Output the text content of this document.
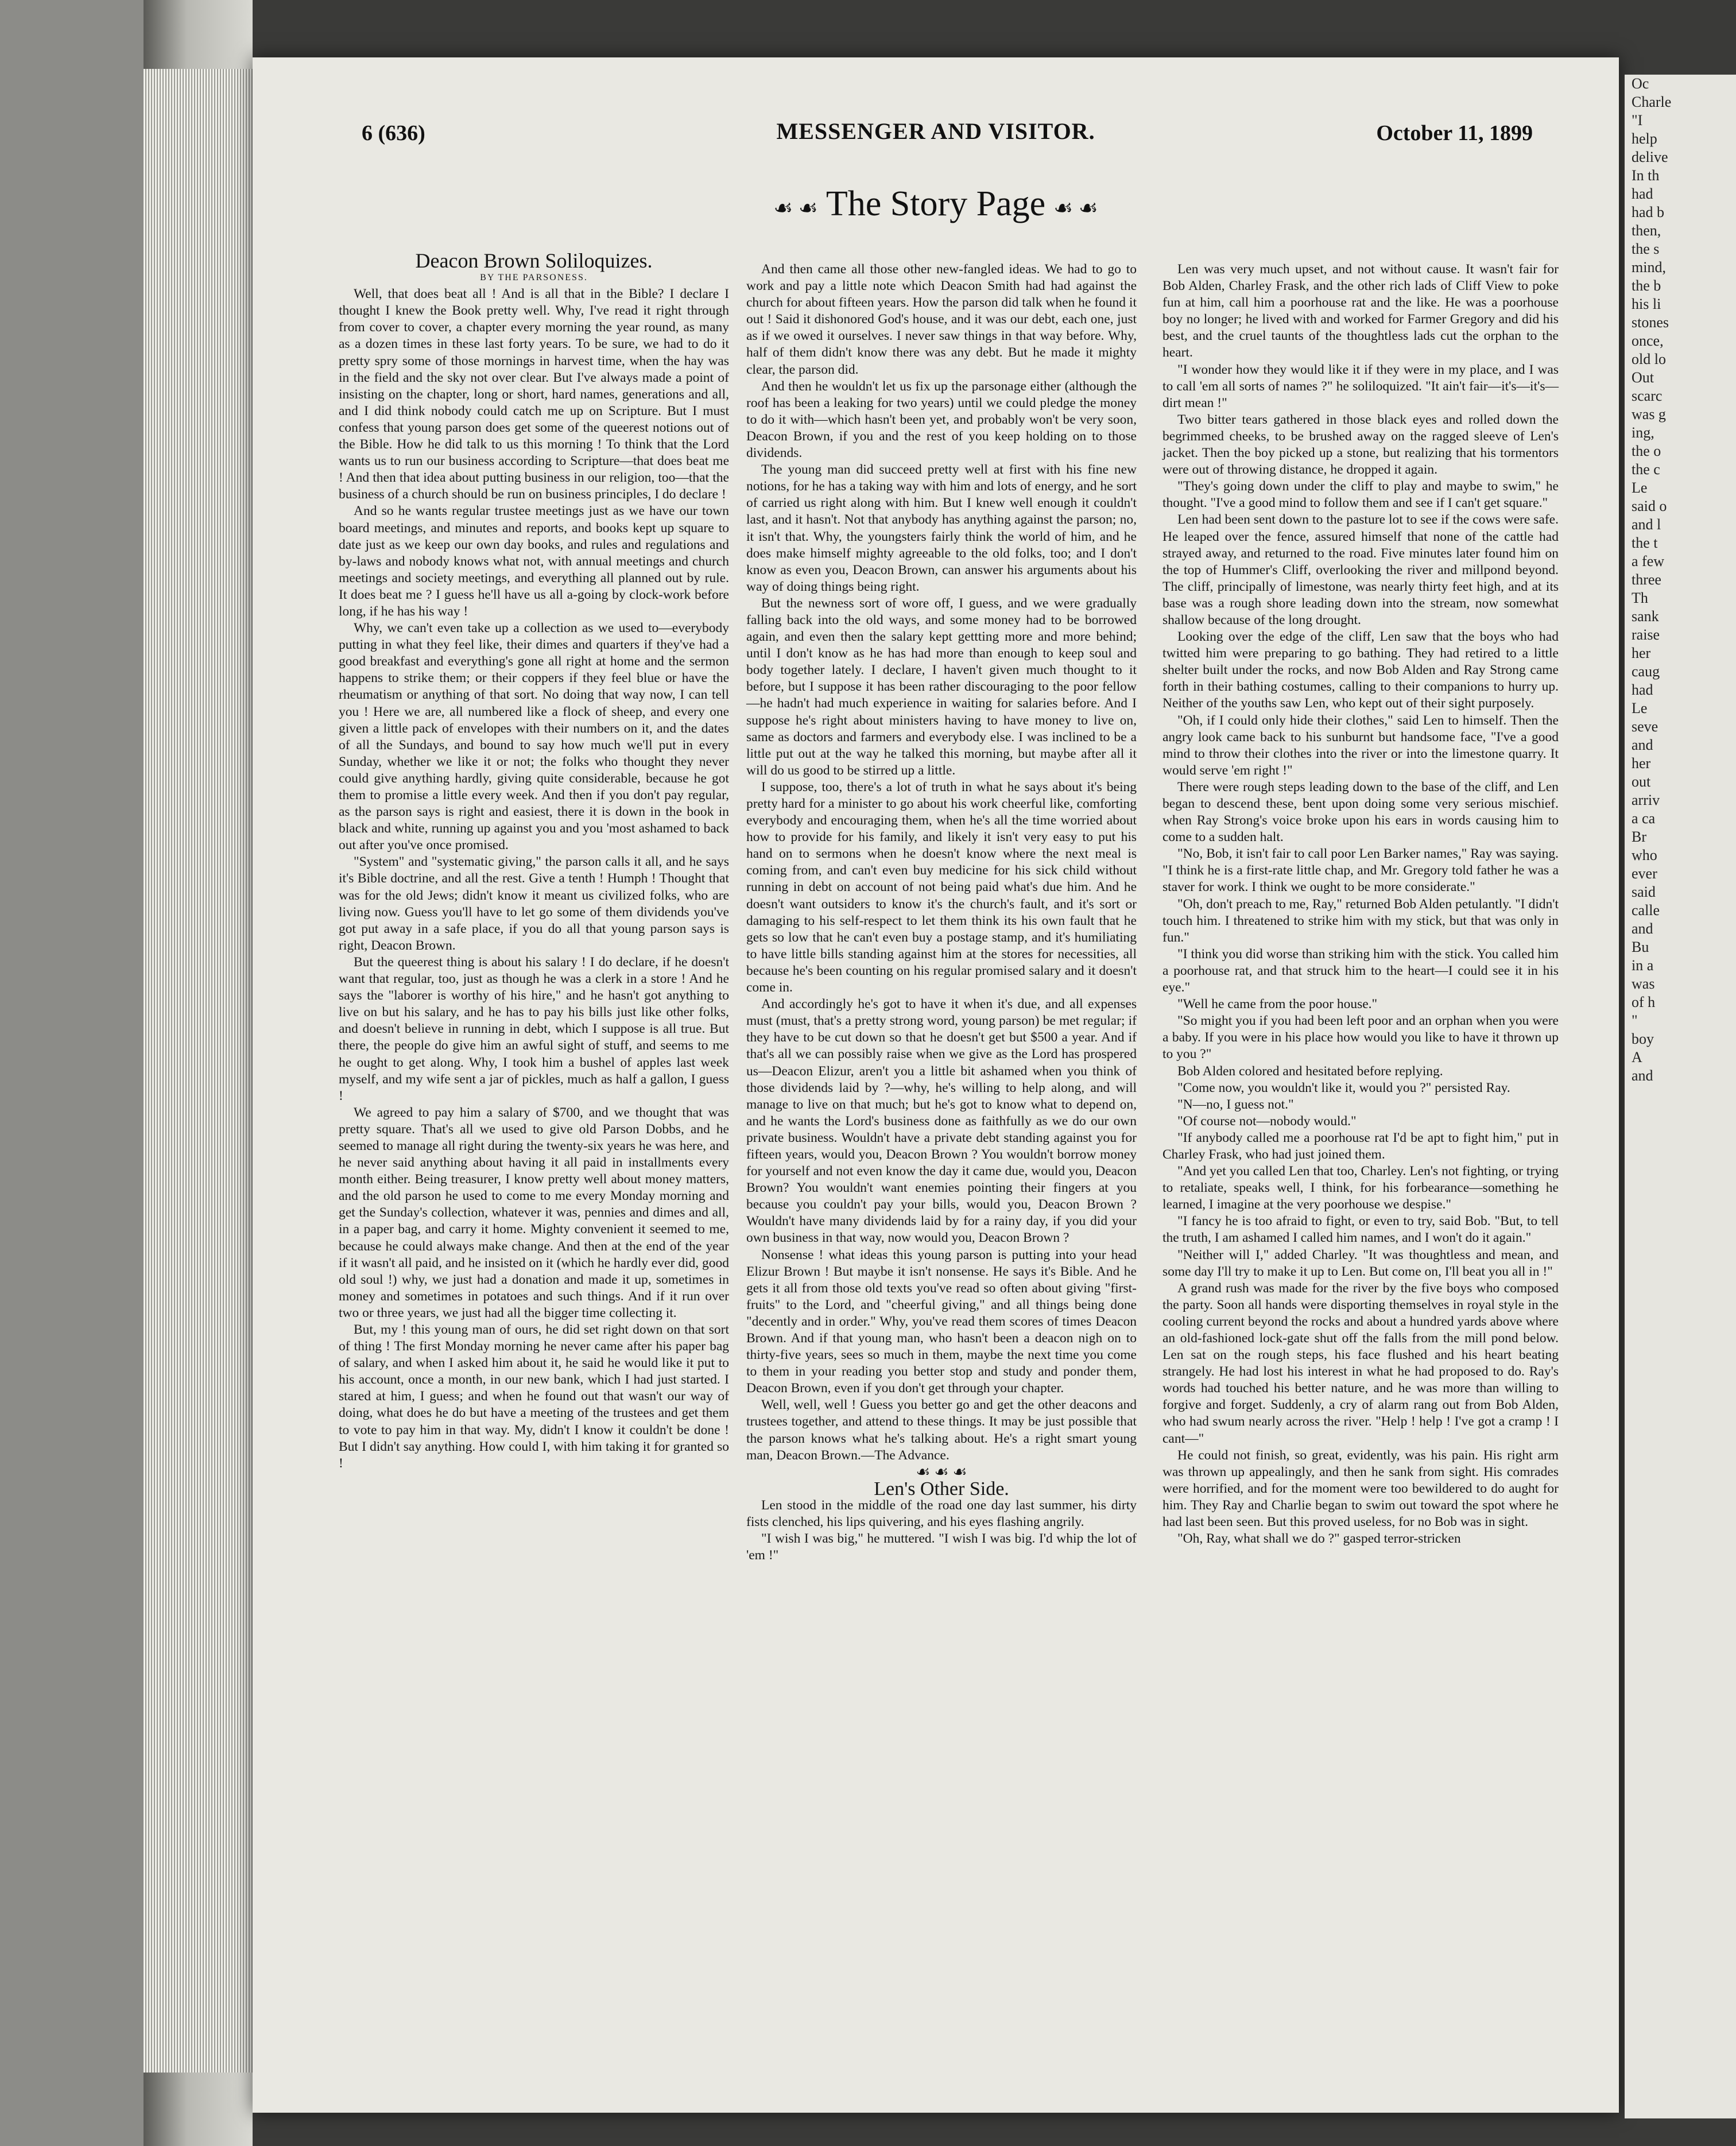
6 (636)	MESSENGER AND VISITOR.	October 11, 1899
☙ ☙ The Story Page ☙ ☙

Deacon Brown Soliloquizes.

BY THE PARSONESS.

Well, that does beat all ! And is all that in the Bible? I declare I thought I knew the Book pretty well. Why, I've read it right through from cover to cover, a chapter every morning the year round, as many as a dozen times in these last forty years. To be sure, we had to do it pretty spry some of those mornings in harvest time, when the hay was in the field and the sky not over clear. But I've always made a point of insisting on the chapter, long or short, hard names, generations and all, and I did think nobody could catch me up on Scripture. But I must confess that young parson does get some of the queerest notions out of the Bible. How he did talk to us this morning ! To think that the Lord wants us to run our business according to Scripture—that does beat me ! And then that idea about putting business in our religion, too—that the business of a church should be run on business principles, I do declare !

And so he wants regular trustee meetings just as we have our town board meetings, and minutes and reports, and books kept up square to date just as we keep our own day books, and rules and regulations and by-laws and nobody knows what not, with annual meetings and church meetings and society meetings, and everything all planned out by rule. It does beat me ? I guess he'll have us all a-going by clock-work before long, if he has his way !

Why, we can't even take up a collection as we used to—everybody putting in what they feel like, their dimes and quarters if they've had a good breakfast and everything's gone all right at home and the sermon happens to strike them; or their coppers if they feel blue or have the rheumatism or anything of that sort. No doing that way now, I can tell you ! Here we are, all numbered like a flock of sheep, and every one given a little pack of envelopes with their numbers on it, and the dates of all the Sundays, and bound to say how much we'll put in every Sunday, whether we like it or not; the folks who thought they never could give anything hardly, giving quite considerable, because he got them to promise a little every week. And then if you don't pay regular, as the parson says is right and easiest, there it is down in the book in black and white, running up against you and you 'most ashamed to back out after you've once promised.

"System" and "systematic giving," the parson calls it all, and he says it's Bible doctrine, and all the rest. Give a tenth ! Humph ! Thought that was for the old Jews; didn't know it meant us civilized folks, who are living now. Guess you'll have to let go some of them dividends you've got put away in a safe place, if you do all that young parson says is right, Deacon Brown.

But the queerest thing is about his salary ! I do declare, if he doesn't want that regular, too, just as though he was a clerk in a store ! And he says the "laborer is worthy of his hire," and he hasn't got anything to live on but his salary, and he has to pay his bills just like other folks, and doesn't believe in running in debt, which I suppose is all true. But there, the people do give him an awful sight of stuff, and seems to me he ought to get along. Why, I took him a bushel of apples last week myself, and my wife sent a jar of pickles, much as half a gallon, I guess !

We agreed to pay him a salary of $700, and we thought that was pretty square. That's all we used to give old Parson Dobbs, and he seemed to manage all right during the twenty-six years he was here, and he never said anything about having it all paid in installments every month either. Being treasurer, I know pretty well about money matters, and the old parson he used to come to me every Monday morning and get the Sunday's collection, whatever it was, pennies and dimes and all, in a paper bag, and carry it home. Mighty convenient it seemed to me, because he could always make change. And then at the end of the year if it wasn't all paid, and he insisted on it (which he hardly ever did, good old soul !) why, we just had a donation and made it up, sometimes in money and sometimes in potatoes and such things. And if it run over two or three years, we just had all the bigger time collecting it.

But, my ! this young man of ours, he did set right down on that sort of thing ! The first Monday morning he never came after his paper bag of salary, and when I asked him about it, he said he would like it put to his account, once a month, in our new bank, which I had just started. I stared at him, I guess; and when he found out that wasn't our way of doing, what does he do but have a meeting of the trustees and get them to vote to pay him in that way. My, didn't I know it couldn't be done ! But I didn't say anything. How could I, with him taking it for granted so !

And then came all those other new-fangled ideas. We had to go to work and pay a little note which Deacon Smith had had against the church for about fifteen years. How the parson did talk when he found it out ! Said it dishonored God's house, and it was our debt, each one, just as if we owed it ourselves. I never saw things in that way before. Why, half of them didn't know there was any debt. But he made it mighty clear, the parson did.

And then he wouldn't let us fix up the parsonage either (although the roof has been a leaking for two years) until we could pledge the money to do it with—which hasn't been yet, and probably won't be very soon, Deacon Brown, if you and the rest of you keep holding on to those dividends.

The young man did succeed pretty well at first with his fine new notions, for he has a taking way with him and lots of energy, and he sort of carried us right along with him. But I knew well enough it couldn't last, and it hasn't. Not that anybody has anything against the parson; no, it isn't that. Why, the youngsters fairly think the world of him, and he does make himself mighty agreeable to the old folks, too; and I don't know as even you, Deacon Brown, can answer his arguments about his way of doing things being right.

But the newness sort of wore off, I guess, and we were gradually falling back into the old ways, and some money had to be borrowed again, and even then the salary kept gettting more and more behind; until I don't know as he has had more than enough to keep soul and body together lately. I declare, I haven't given much thought to it before, but I suppose it has been rather discouraging to the poor fellow—he hadn't had much experience in waiting for salaries before. And I suppose he's right about ministers having to have money to live on, same as doctors and farmers and everybody else. I was inclined to be a little put out at the way he talked this morning, but maybe after all it will do us good to be stirred up a little.

I suppose, too, there's a lot of truth in what he says about it's being pretty hard for a minister to go about his work cheerful like, comforting everybody and encouraging them, when he's all the time worried about how to provide for his family, and likely it isn't very easy to put his hand on to sermons when he doesn't know where the next meal is coming from, and can't even buy medicine for his sick child without running in debt on account of not being paid what's due him. And he doesn't want outsiders to know it's the church's fault, and it's sort or damaging to his self-respect to let them think its his own fault that he gets so low that he can't even buy a postage stamp, and it's humiliating to have little bills standing against him at the stores for necessities, all because he's been counting on his regular promised salary and it doesn't come in.

And accordingly he's got to have it when it's due, and all expenses must (must, that's a pretty strong word, young parson) be met regular; if they have to be cut down so that he doesn't get but $500 a year. And if that's all we can possibly raise when we give as the Lord has prospered us—Deacon Elizur, aren't you a little bit ashamed when you think of those dividends laid by ?—why, he's willing to help along, and will manage to live on that much; but he's got to know what to depend on, and he wants the Lord's business done as faithfully as we do our own private business. Wouldn't have a private debt standing against you for fifteen years, would you, Deacon Brown ? You wouldn't borrow money for yourself and not even know the day it came due, would you, Deacon Brown? You wouldn't want enemies pointing their fingers at you because you couldn't pay your bills, would you, Deacon Brown ? Wouldn't have many dividends laid by for a rainy day, if you did your own business in that way, now would you, Deacon Brown ?

Nonsense ! what ideas this young parson is putting into your head Elizur Brown ! But maybe it isn't nonsense. He says it's Bible. And he gets it all from those old texts you've read so often about giving "first-fruits" to the Lord, and "cheerful giving," and all things being done "decently and in order." Why, you've read them scores of times Deacon Brown. And if that young man, who hasn't been a deacon nigh on to thirty-five years, sees so much in them, maybe the next time you come to them in your reading you better stop and study and ponder them, Deacon Brown, even if you don't get through your chapter.

Well, well, well ! Guess you better go and get the other deacons and trustees together, and attend to these things. It may be just possible that the parson knows what he's talking about. He's a right smart young man, Deacon Brown.—The Advance.

☙ ☙ ☙

Len's Other Side.

Len stood in the middle of the road one day last summer, his dirty fists clenched, his lips quivering, and his eyes flashing angrily.

"I wish I was big," he muttered. "I wish I was big. I'd whip the lot of 'em !"

Len was very much upset, and not without cause. It wasn't fair for Bob Alden, Charley Frask, and the other rich lads of Cliff View to poke fun at him, call him a poorhouse rat and the like. He was a poorhouse boy no longer; he lived with and worked for Farmer Gregory and did his best, and the cruel taunts of the thoughtless lads cut the orphan to the heart.

"I wonder how they would like it if they were in my place, and I was to call 'em all sorts of names ?" he soliloquized. "It ain't fair—it's—it's—dirt mean !"

Two bitter tears gathered in those black eyes and rolled down the begrimmed cheeks, to be brushed away on the ragged sleeve of Len's jacket. Then the boy picked up a stone, but realizing that his tormentors were out of throwing distance, he dropped it again.

"They's going down under the cliff to play and maybe to swim," he thought. "I've a good mind to follow them and see if I can't get square."

Len had been sent down to the pasture lot to see if the cows were safe. He leaped over the fence, assured himself that none of the cattle had strayed away, and returned to the road. Five minutes later found him on the top of Hummer's Cliff, overlooking the river and millpond beyond. The cliff, principally of limestone, was nearly thirty feet high, and at its base was a rough shore leading down into the stream, now somewhat shallow because of the long drought.

Looking over the edge of the cliff, Len saw that the boys who had twitted him were preparing to go bathing. They had retired to a little shelter built under the rocks, and now Bob Alden and Ray Strong came forth in their bathing costumes, calling to their companions to hurry up. Neither of the youths saw Len, who kept out of their sight purposely.

"Oh, if I could only hide their clothes," said Len to himself. Then the angry look came back to his sunburnt but handsome face, "I've a good mind to throw their clothes into the river or into the limestone quarry. It would serve 'em right !"

There were rough steps leading down to the base of the cliff, and Len began to descend these, bent upon doing some very serious mischief. when Ray Strong's voice broke upon his ears in words causing him to come to a sudden halt.

"No, Bob, it isn't fair to call poor Len Barker names," Ray was saying. "I think he is a first-rate little chap, and Mr. Gregory told father he was a staver for work. I think we ought to be more considerate."

"Oh, don't preach to me, Ray," returned Bob Alden petulantly. "I didn't touch him. I threatened to strike him with my stick, but that was only in fun."

"I think you did worse than striking him with the stick. You called him a poorhouse rat, and that struck him to the heart—I could see it in his eye."

"Well he came from the poor house."

"So might you if you had been left poor and an orphan when you were a baby. If you were in his place how would you like to have it thrown up to you ?"

Bob Alden colored and hesitated before replying.

"Come now, you wouldn't like it, would you ?" persisted Ray.

"N—no, I guess not."

"Of course not—nobody would."

"If anybody called me a poorhouse rat I'd be apt to fight him," put in Charley Frask, who had just joined them.

"And yet you called Len that too, Charley. Len's not fighting, or trying to retaliate, speaks well, I think, for his forbearance—something he learned, I imagine at the very poorhouse we despise."

"I fancy he is too afraid to fight, or even to try, said Bob. "But, to tell the truth, I am ashamed I called him names, and I won't do it again."

"Neither will I," added Charley. "It was thoughtless and mean, and some day I'll try to make it up to Len. But come on, I'll beat you all in !"

A grand rush was made for the river by the five boys who composed the party. Soon all hands were disporting themselves in royal style in the cooling current beyond the rocks and about a hundred yards above where an old-fashioned lock-gate shut off the falls from the mill pond below. Len sat on the rough steps, his face flushed and his heart beating strangely. He had lost his interest in what he had proposed to do. Ray's words had touched his better nature, and he was more than willing to forgive and forget. Suddenly, a cry of alarm rang out from Bob Alden, who had swum nearly across the river. "Help ! help ! I've got a cramp ! I cant—"

He could not finish, so great, evidently, was his pain. His right arm was thrown up appealingly, and then he sank from sight. His comrades were horrified, and for the moment were too bewildered to do aught for him. They Ray and Charlie began to swim out toward the spot where he had last been seen. But this proved useless, for no Bob was in sight.

"Oh, Ray, what shall we do ?" gasped terror-stricken

Oc
Charle
"I
help
delive
In th
had
had b
then,
the s
mind,
the b
his li
stones
once,
old lo
Out
scarc
was g
ing,
the o
the c
Le
said o
and l
the t
a few
three
Th
sank
raise
her
caug
had
Le
seve
and
her
out
arriv
a ca
Br
who
ever
said
calle
and
Bu
in a
was
of h
"
boy
A
and
